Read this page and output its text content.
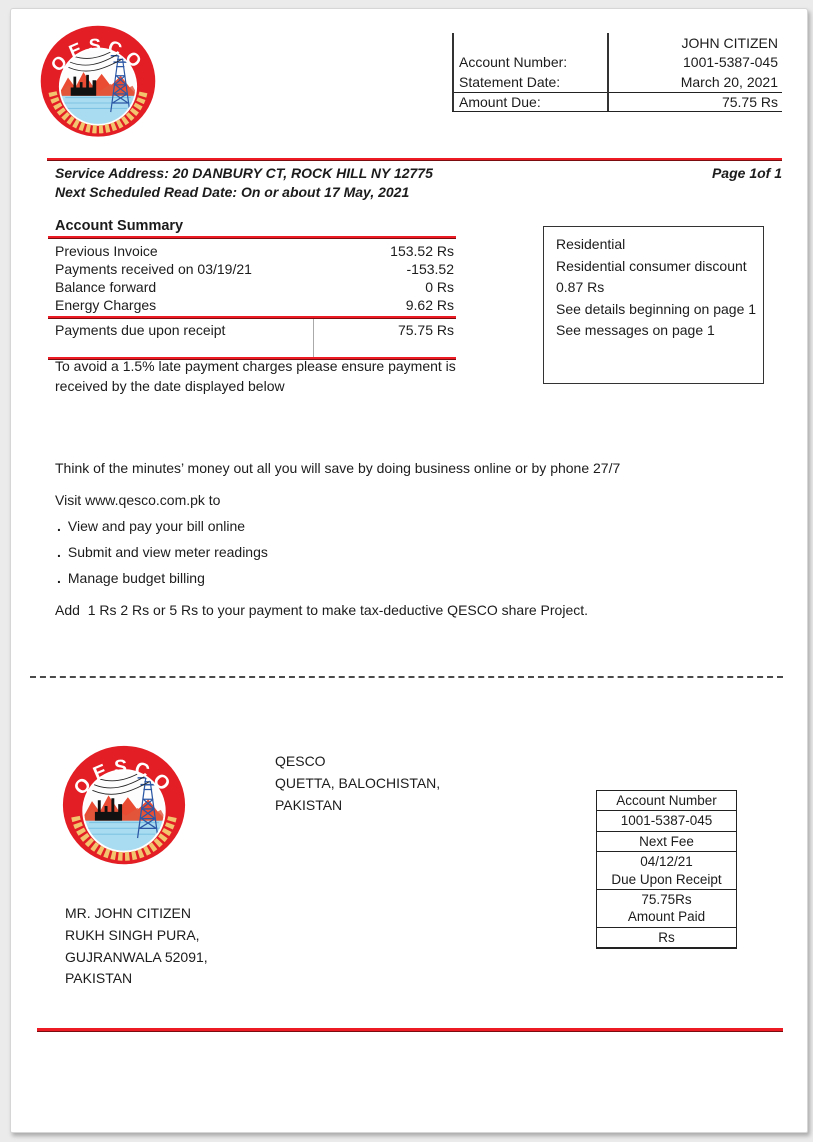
JOHN CITIZEN
Account Number:	1001-5387-045
Statement Date:	March 20, 2021
Amount Due:	75.75 Rs
Service Address: 20 DANBURY CT, ROCK HILL NY 12775
Next Scheduled Read Date: On or about 17 May, 2021
Page 1of 1
Account Summary
Previous Invoice	153.52 Rs
Payments received on 03/19/21	-153.52
Balance forward	0 Rs
Energy Charges	9.62 Rs
Payments due upon receipt	75.75 Rs
To avoid a 1.5% late payment charges please ensure payment is received by the date displayed below
Residential
Residential consumer discount
0.87 Rs
See details beginning on page 1
See messages on page 1
Think of the minutes’ money out all you will save by doing business online or by phone 27/7
Visit www.qesco.com.pk to
. View and pay your bill online
. Submit and view meter readings
. Manage budget billing
Add  1 Rs 2 Rs or 5 Rs to your payment to make tax-deductive QESCO share Project.
QESCO
QUETTA, BALOCHISTAN,
PAKISTAN	Account Number
1001-5387-045
Next Fee
04/12/21
Due Upon Receipt
75.75Rs
Amount Paid
Rs
MR. JOHN CITIZEN
RUKH SINGH PURA,
GUJRANWALA 52091,
PAKISTAN
